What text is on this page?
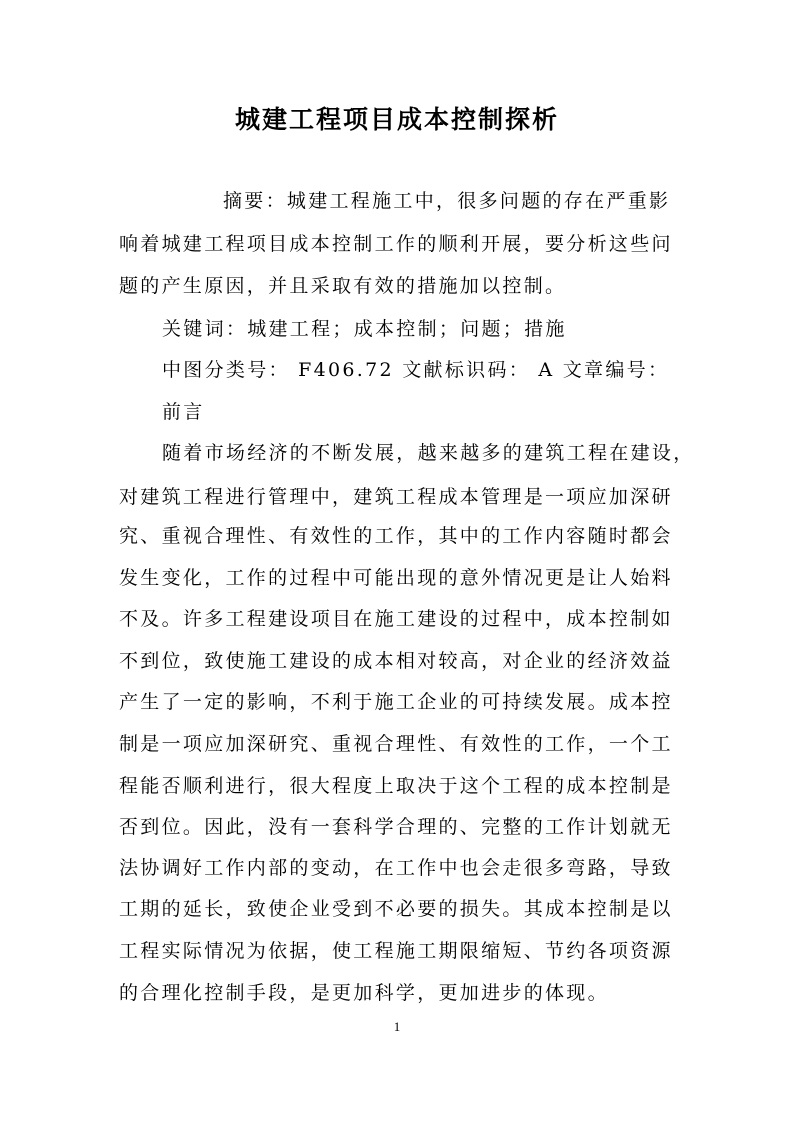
城建工程项目成本控制探析
摘要：城建工程施工中，很多问题的存在严重影
响着城建工程项目成本控制工作的顺利开展，要分析这些问
题的产生原因，并且采取有效的措施加以控制。
关键词：城建工程；成本控制；问题；措施
中图分类号： F406.72 文献标识码： A 文章编号：
前言
随着市场经济的不断发展，越来越多的建筑工程在建设，
对建筑工程进行管理中，建筑工程成本管理是一项应加深研
究、重视合理性、有效性的工作，其中的工作内容随时都会
发生变化，工作的过程中可能出现的意外情况更是让人始料
不及。许多工程建设项目在施工建设的过程中，成本控制如
不到位，致使施工建设的成本相对较高，对企业的经济效益
产生了一定的影响，不利于施工企业的可持续发展。成本控
制是一项应加深研究、重视合理性、有效性的工作，一个工
程能否顺利进行，很大程度上取决于这个工程的成本控制是
否到位。因此，没有一套科学合理的、完整的工作计划就无
法协调好工作内部的变动，在工作中也会走很多弯路，导致
工期的延长，致使企业受到不必要的损失。其成本控制是以
工程实际情况为依据，使工程施工期限缩短、节约各项资源
的合理化控制手段，是更加科学，更加进步的体现。
1
